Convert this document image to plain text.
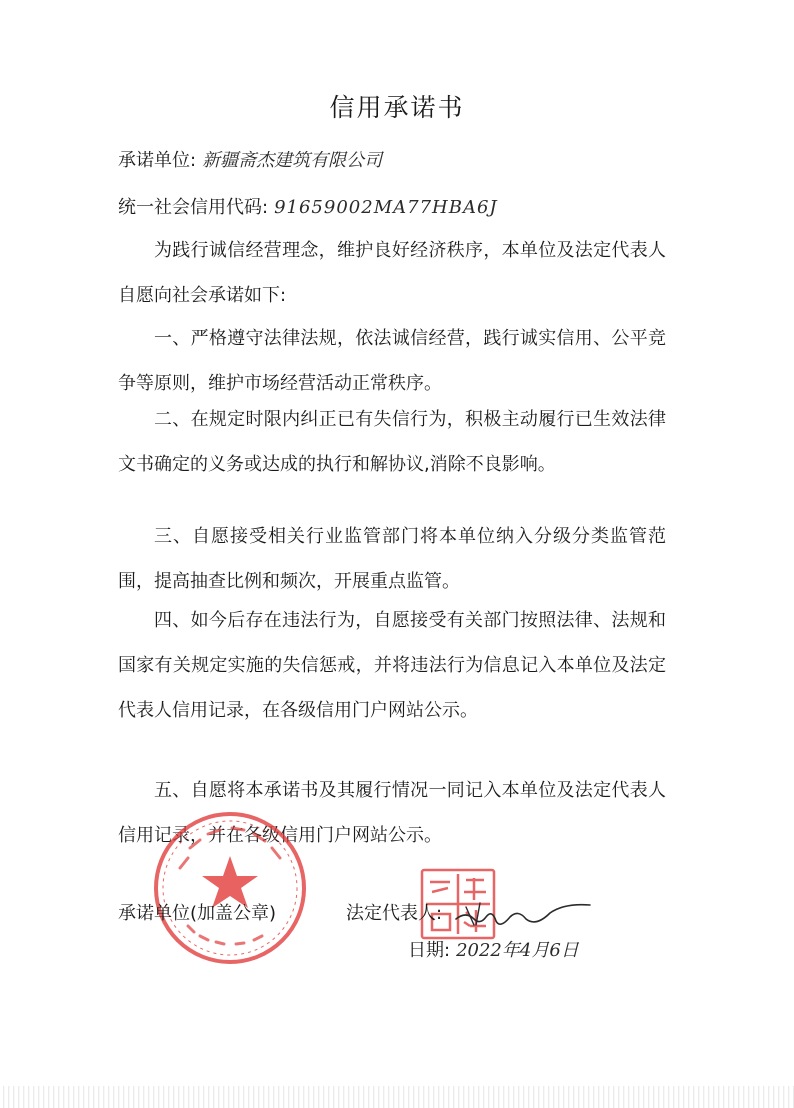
信用承诺书
承诺单位: 新疆斋杰建筑有限公司
统一社会信用代码: 91659002MA77HBA6J
为践行诚信经营理念，维护良好经济秩序，本单位及法定代表人自愿向社会承诺如下:
一、严格遵守法律法规，依法诚信经营，践行诚实信用、公平竞争等原则，维护市场经营活动正常秩序。
二、在规定时限内纠正已有失信行为，积极主动履行已生效法律文书确定的义务或达成的执行和解协议,消除不良影响。
三、自愿接受相关行业监管部门将本单位纳入分级分类监管范围，提高抽查比例和频次，开展重点监管。
四、如今后存在违法行为，自愿接受有关部门按照法律、法规和国家有关规定实施的失信惩戒，并将违法行为信息记入本单位及法定代表人信用记录，在各级信用门户网站公示。
五、自愿将本承诺书及其履行情况一同记入本单位及法定代表人信用记录，并在各级信用门户网站公示。
承诺单位(加盖公章)	法定代表人:
日期: 2022年4月6日
